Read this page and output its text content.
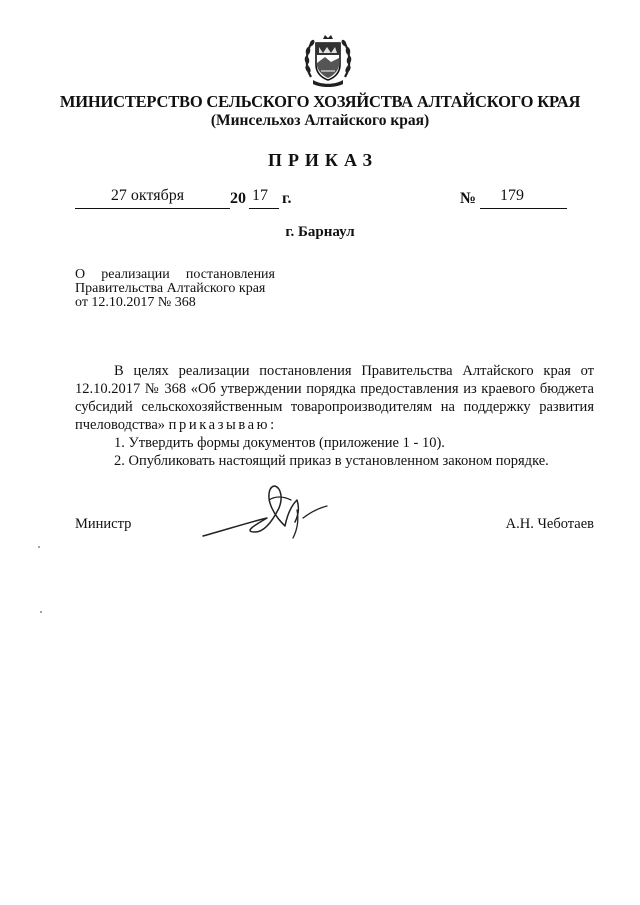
МИНИСТЕРСТВО СЕЛЬСКОГО ХОЗЯЙСТВА АЛТАЙСКОГО КРАЯ
(Минсельхоз Алтайского края)
ПРИКАЗ
27 октября	20 17 г.	№ 179
г. Барнаул
О реализации постановления
Правительства Алтайского края
от 12.10.2017 № 368

В целях реализации постановления Правительства Алтайского края от 12.10.2017 № 368 «Об утверждении порядка предоставления из краевого бюджета субсидий сельскохозяйственным товаропроизводителям на поддержку развития пчеловодства» приказываю:

1. Утвердить формы документов (приложение 1 - 10).

2. Опубликовать настоящий приказ в установленном законом порядке.

Министр	А.Н. Чеботаев
